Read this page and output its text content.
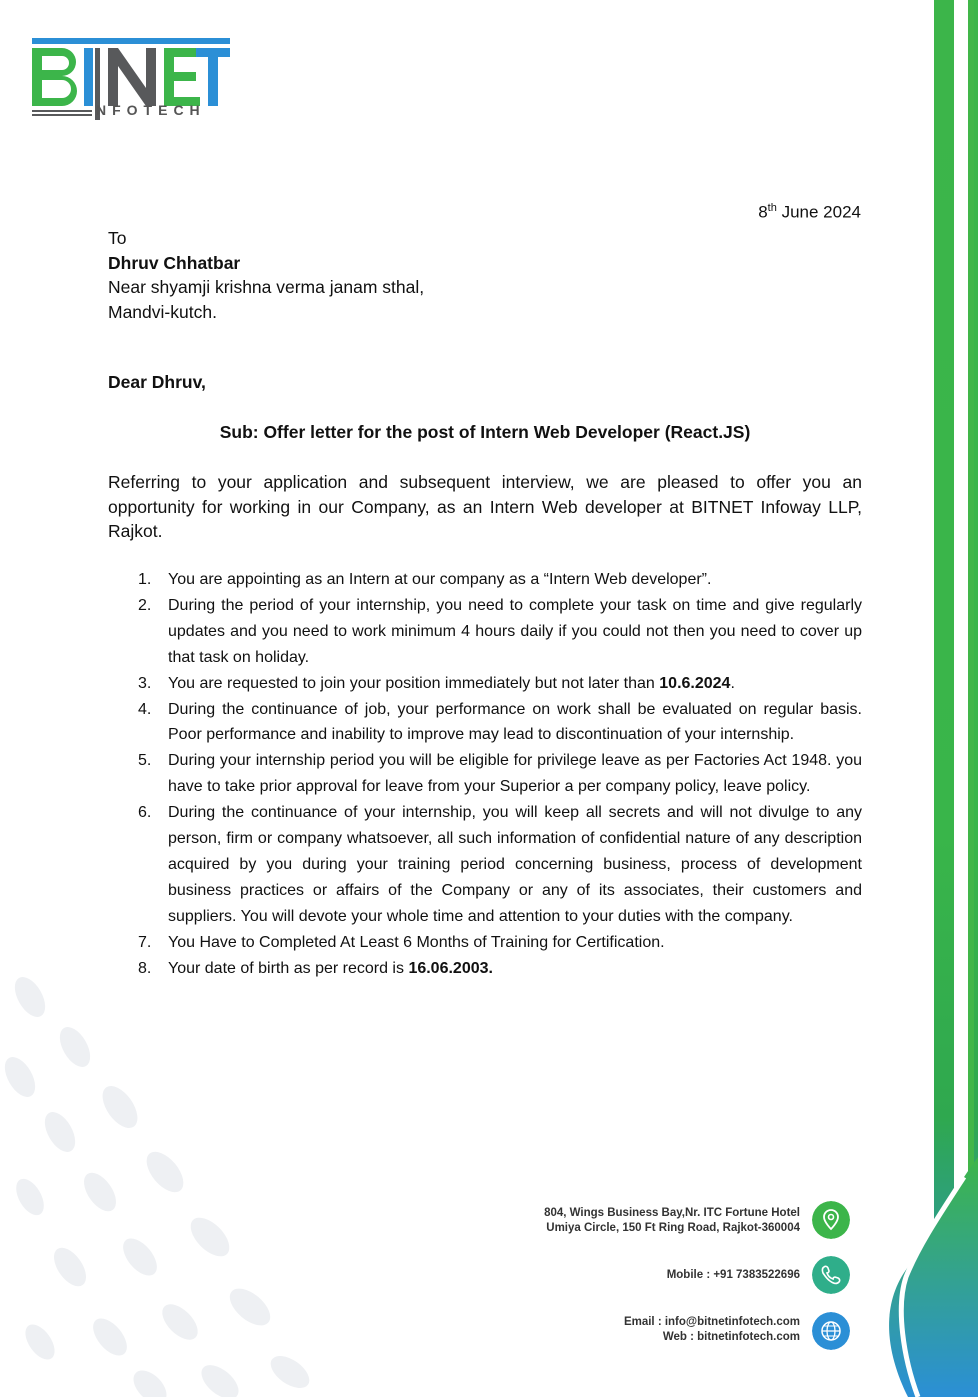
NFOTECH
8th June 2024
To
Dhruv Chhatbar
Near shyamji krishna verma janam sthal,
Mandvi-kutch.
Dear Dhruv,
Sub: Offer letter for the post of Intern Web Developer (React.JS)
Referring to your application and subsequent interview, we are pleased to offer you an opportunity for working in our Company, as an Intern Web developer at BITNET Infoway LLP, Rajkot.
1. You are appointing as an Intern at our company as a “Intern Web developer”.
2. During the period of your internship, you need to complete your task on time and give regularly updates and you need to work minimum 4 hours daily if you could not then you need to cover up that task on holiday.
3. You are requested to join your position immediately but not later than 10.6.2024.
4. During the continuance of job, your performance on work shall be evaluated on regular basis. Poor performance and inability to improve may lead to discontinuation of your internship.
5. During your internship period you will be eligible for privilege leave as per Factories Act 1948. you have to take prior approval for leave from your Superior a per company policy, leave policy.
6. During the continuance of your internship, you will keep all secrets and will not divulge to any person, firm or company whatsoever, all such information of confidential nature of any description acquired by you during your training period concerning business, process of development business practices or affairs of the Company or any of its associates, their customers and suppliers. You will devote your whole time and attention to your duties with the company.
7. You Have to Completed At Least 6 Months of Training for Certification.
8. Your date of birth as per record is 16.06.2003.
804, Wings Business Bay,Nr. ITC Fortune Hotel
Umiya Circle, 150 Ft Ring Road, Rajkot-360004
Mobile : +91 7383522696
Email : info@bitnetinfotech.com
Web : bitnetinfotech.com
